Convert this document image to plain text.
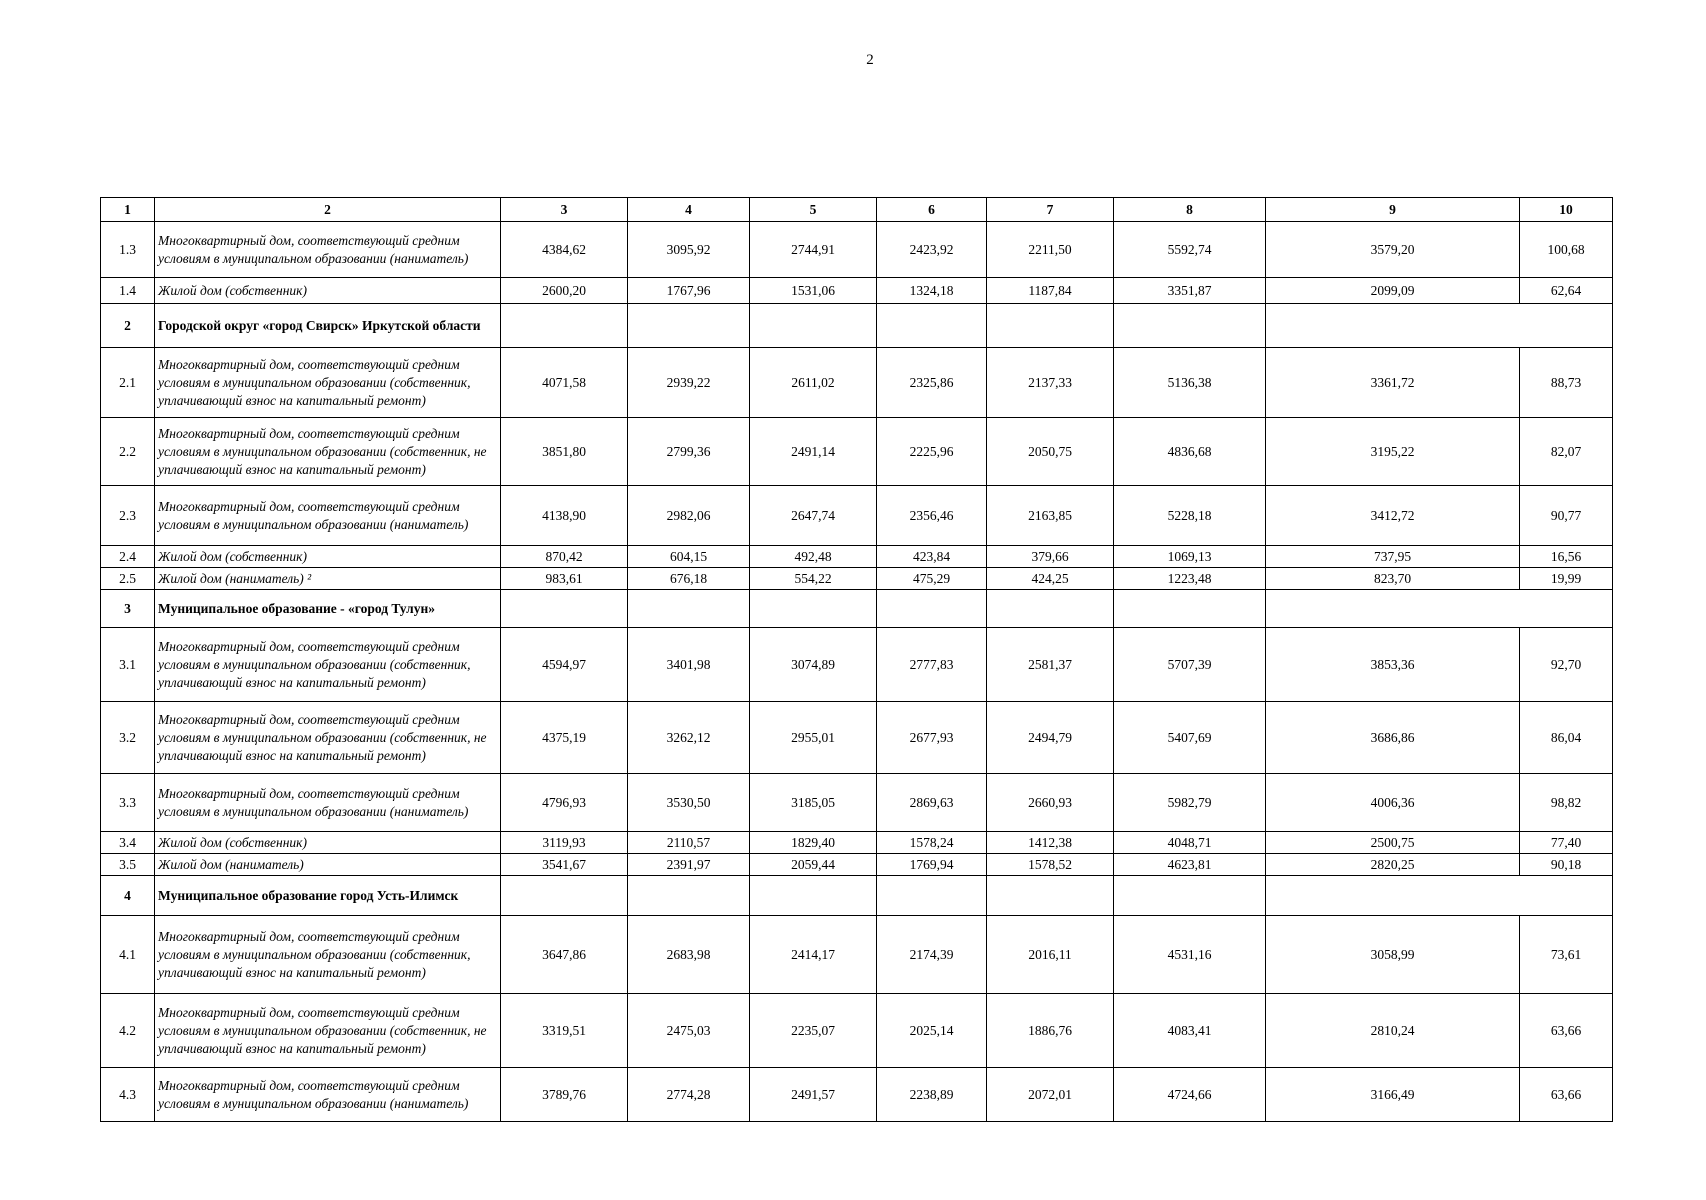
2
1	2	3	4	5	6	7	8	9	10
1.3	Многоквартирный дом, соответствующий средним условиям в муниципальном образовании (наниматель)	4384,62	3095,92	2744,91	2423,92	2211,50	5592,74	3579,20	100,68
1.4	Жилой дом (собственник)	2600,20	1767,96	1531,06	1324,18	1187,84	3351,87	2099,09	62,64
2	Городской округ «город Свирск» Иркутской области								
2.1	Многоквартирный дом, соответствующий средним условиям в муниципальном образовании (собственник, уплачивающий взнос на капитальный ремонт)	4071,58	2939,22	2611,02	2325,86	2137,33	5136,38	3361,72	88,73
2.2	Многоквартирный дом, соответствующий средним условиям в муниципальном образовании (собственник, не уплачивающий взнос на капитальный ремонт)	3851,80	2799,36	2491,14	2225,96	2050,75	4836,68	3195,22	82,07
2.3	Многоквартирный дом, соответствующий средним условиям в муниципальном образовании (наниматель)	4138,90	2982,06	2647,74	2356,46	2163,85	5228,18	3412,72	90,77
2.4	Жилой дом (собственник)	870,42	604,15	492,48	423,84	379,66	1069,13	737,95	16,56
2.5	Жилой дом (наниматель) ²	983,61	676,18	554,22	475,29	424,25	1223,48	823,70	19,99
3	Муниципальное образование - «город Тулун»								
3.1	Многоквартирный дом, соответствующий средним условиям в муниципальном образовании (собственник, уплачивающий взнос на капитальный ремонт)	4594,97	3401,98	3074,89	2777,83	2581,37	5707,39	3853,36	92,70
3.2	Многоквартирный дом, соответствующий средним условиям в муниципальном образовании (собственник, не уплачивающий взнос на капитальный ремонт)	4375,19	3262,12	2955,01	2677,93	2494,79	5407,69	3686,86	86,04
3.3	Многоквартирный дом, соответствующий средним условиям в муниципальном образовании (наниматель)	4796,93	3530,50	3185,05	2869,63	2660,93	5982,79	4006,36	98,82
3.4	Жилой дом (собственник)	3119,93	2110,57	1829,40	1578,24	1412,38	4048,71	2500,75	77,40
3.5	Жилой дом (наниматель)	3541,67	2391,97	2059,44	1769,94	1578,52	4623,81	2820,25	90,18
4	Муниципальное образование город Усть-Илимск								
4.1	Многоквартирный дом, соответствующий средним условиям в муниципальном образовании (собственник, уплачивающий взнос на капитальный ремонт)	3647,86	2683,98	2414,17	2174,39	2016,11	4531,16	3058,99	73,61
4.2	Многоквартирный дом, соответствующий средним условиям в муниципальном образовании (собственник, не уплачивающий взнос на капитальный ремонт)	3319,51	2475,03	2235,07	2025,14	1886,76	4083,41	2810,24	63,66
4.3	Многоквартирный дом, соответствующий средним условиям в муниципальном образовании (наниматель)	3789,76	2774,28	2491,57	2238,89	2072,01	4724,66	3166,49	63,66
